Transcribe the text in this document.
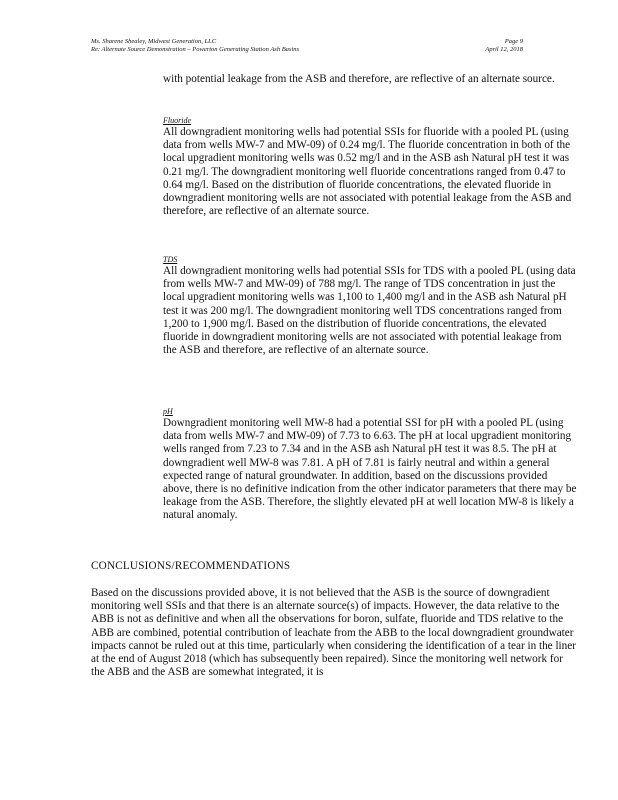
Ms. Sharene Shealey, Midwest Generation, LLC
Re: Alternate Source Demonstration – Powerton Generating Station Ash Basins
Page 9
April 12, 2018

with potential leakage from the ASB and therefore, are reflective of an alternate source.

Fluoride

All downgradient monitoring wells had potential SSIs for fluoride with a pooled PL (using data from wells MW-7 and MW-09) of 0.24 mg/l. The fluoride concentration in both of the local upgradient monitoring wells was 0.52 mg/l and in the ASB ash Natural pH test it was 0.21 mg/l. The downgradient monitoring well fluoride concentrations ranged from 0.47 to 0.64 mg/l. Based on the distribution of fluoride concentrations, the elevated fluoride in downgradient monitoring wells are not associated with potential leakage from the ASB and therefore, are reflective of an alternate source.

TDS

All downgradient monitoring wells had potential SSIs for TDS with a pooled PL (using data from wells MW-7 and MW-09) of 788 mg/l. The range of TDS concentration in just the local upgradient monitoring wells was 1,100 to 1,400 mg/l and in the ASB ash Natural pH test it was 200 mg/l. The downgradient monitoring well TDS concentrations ranged from 1,200 to 1,900 mg/l. Based on the distribution of fluoride concentrations, the elevated fluoride in downgradient monitoring wells are not associated with potential leakage from the ASB and therefore, are reflective of an alternate source.

pH

Downgradient monitoring well MW-8 had a potential SSI for pH with a pooled PL (using data from wells MW-7 and MW-09) of 7.73 to 6.63. The pH at local upgradient monitoring wells ranged from 7.23 to 7.34 and in the ASB ash Natural pH test it was 8.5. The pH at downgradient well MW-8 was 7.81. A pH of 7.81 is fairly neutral and within a general expected range of natural groundwater. In addition, based on the discussions provided above, there is no definitive indication from the other indicator parameters that there may be leakage from the ASB. Therefore, the slightly elevated pH at well location MW-8 is likely a natural anomaly.

CONCLUSIONS/RECOMMENDATIONS

Based on the discussions provided above, it is not believed that the ASB is the source of downgradient monitoring well SSIs and that there is an alternate source(s) of impacts. However, the data relative to the ABB is not as definitive and when all the observations for boron, sulfate, fluoride and TDS relative to the ABB are combined, potential contribution of leachate from the ABB to the local downgradient groundwater impacts cannot be ruled out at this time, particularly when considering the identification of a tear in the liner at the end of August 2018 (which has subsequently been repaired). Since the monitoring well network for the ABB and the ASB are somewhat integrated, it is
